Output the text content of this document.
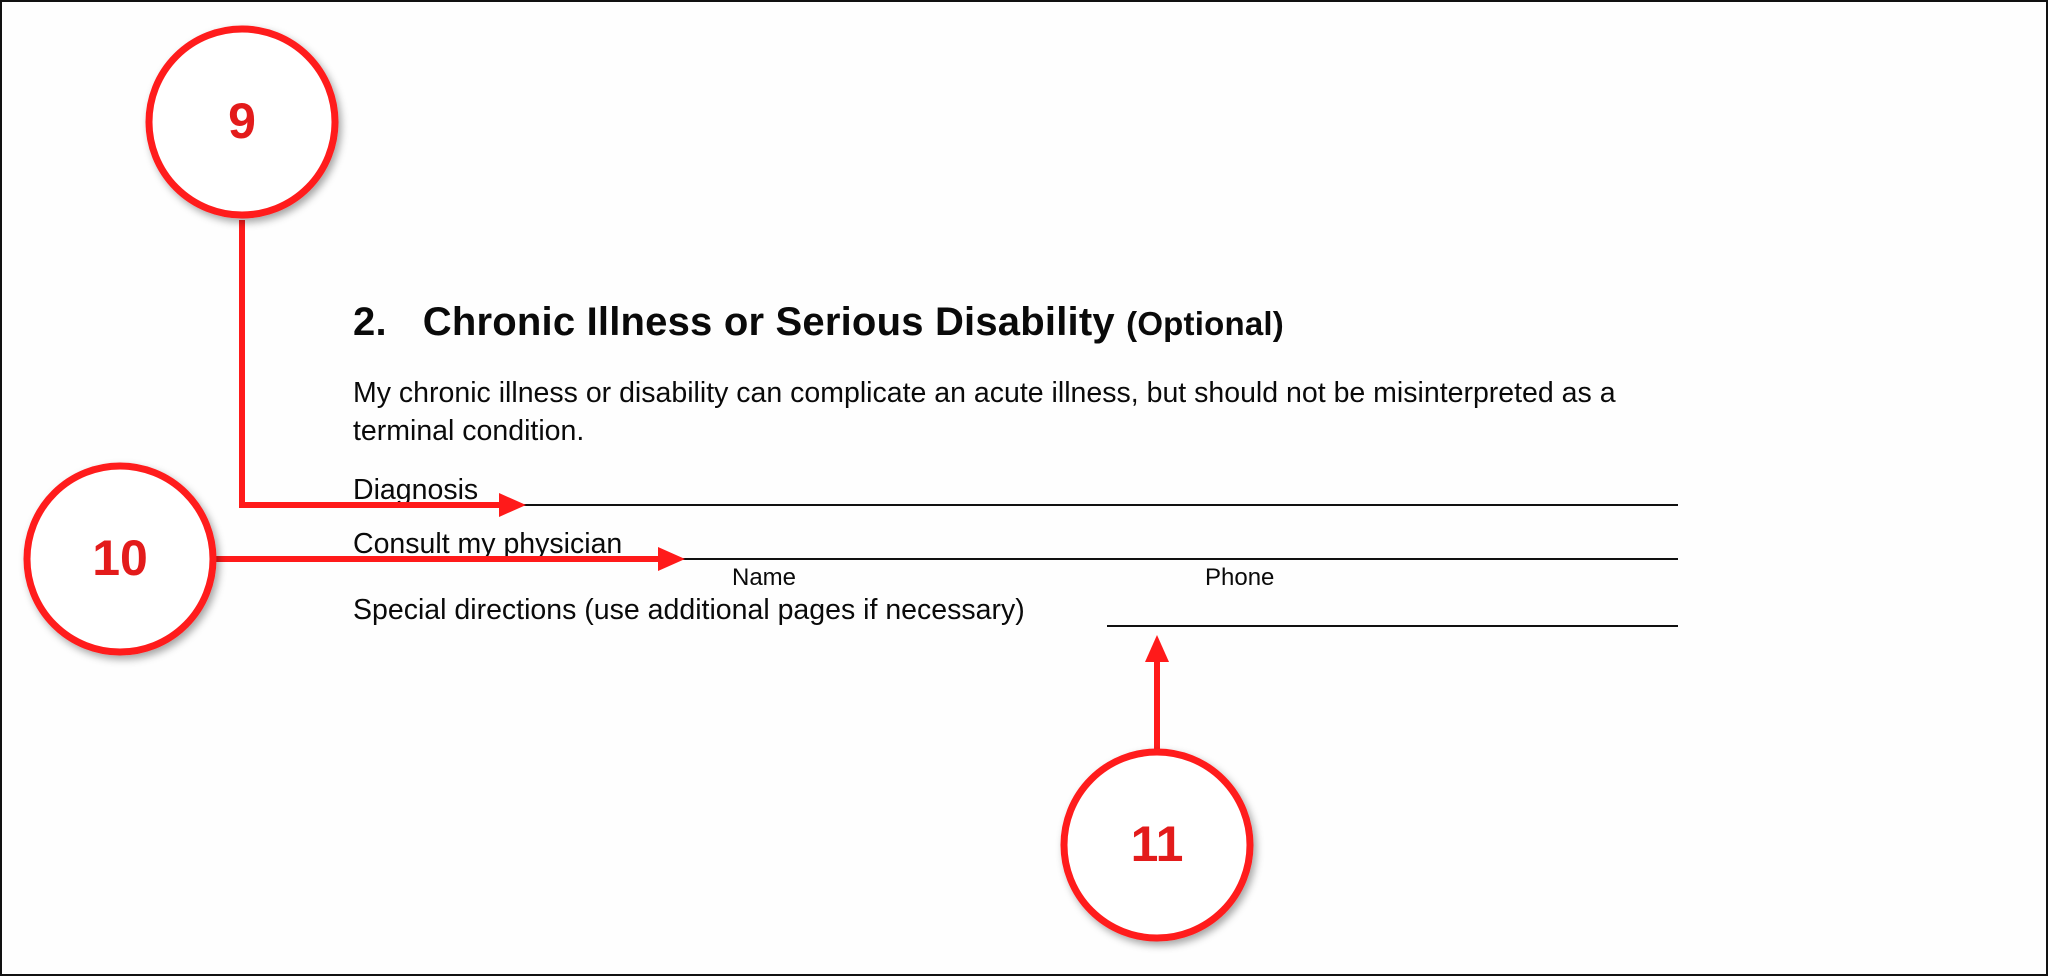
2. Chronic Illness or Serious Disability (Optional)
My chronic illness or disability can complicate an acute illness, but should not be misinterpreted as a terminal condition.
Diagnosis
Consult my physician
Name	Phone
Special directions (use additional pages if necessary)
9
10
11
